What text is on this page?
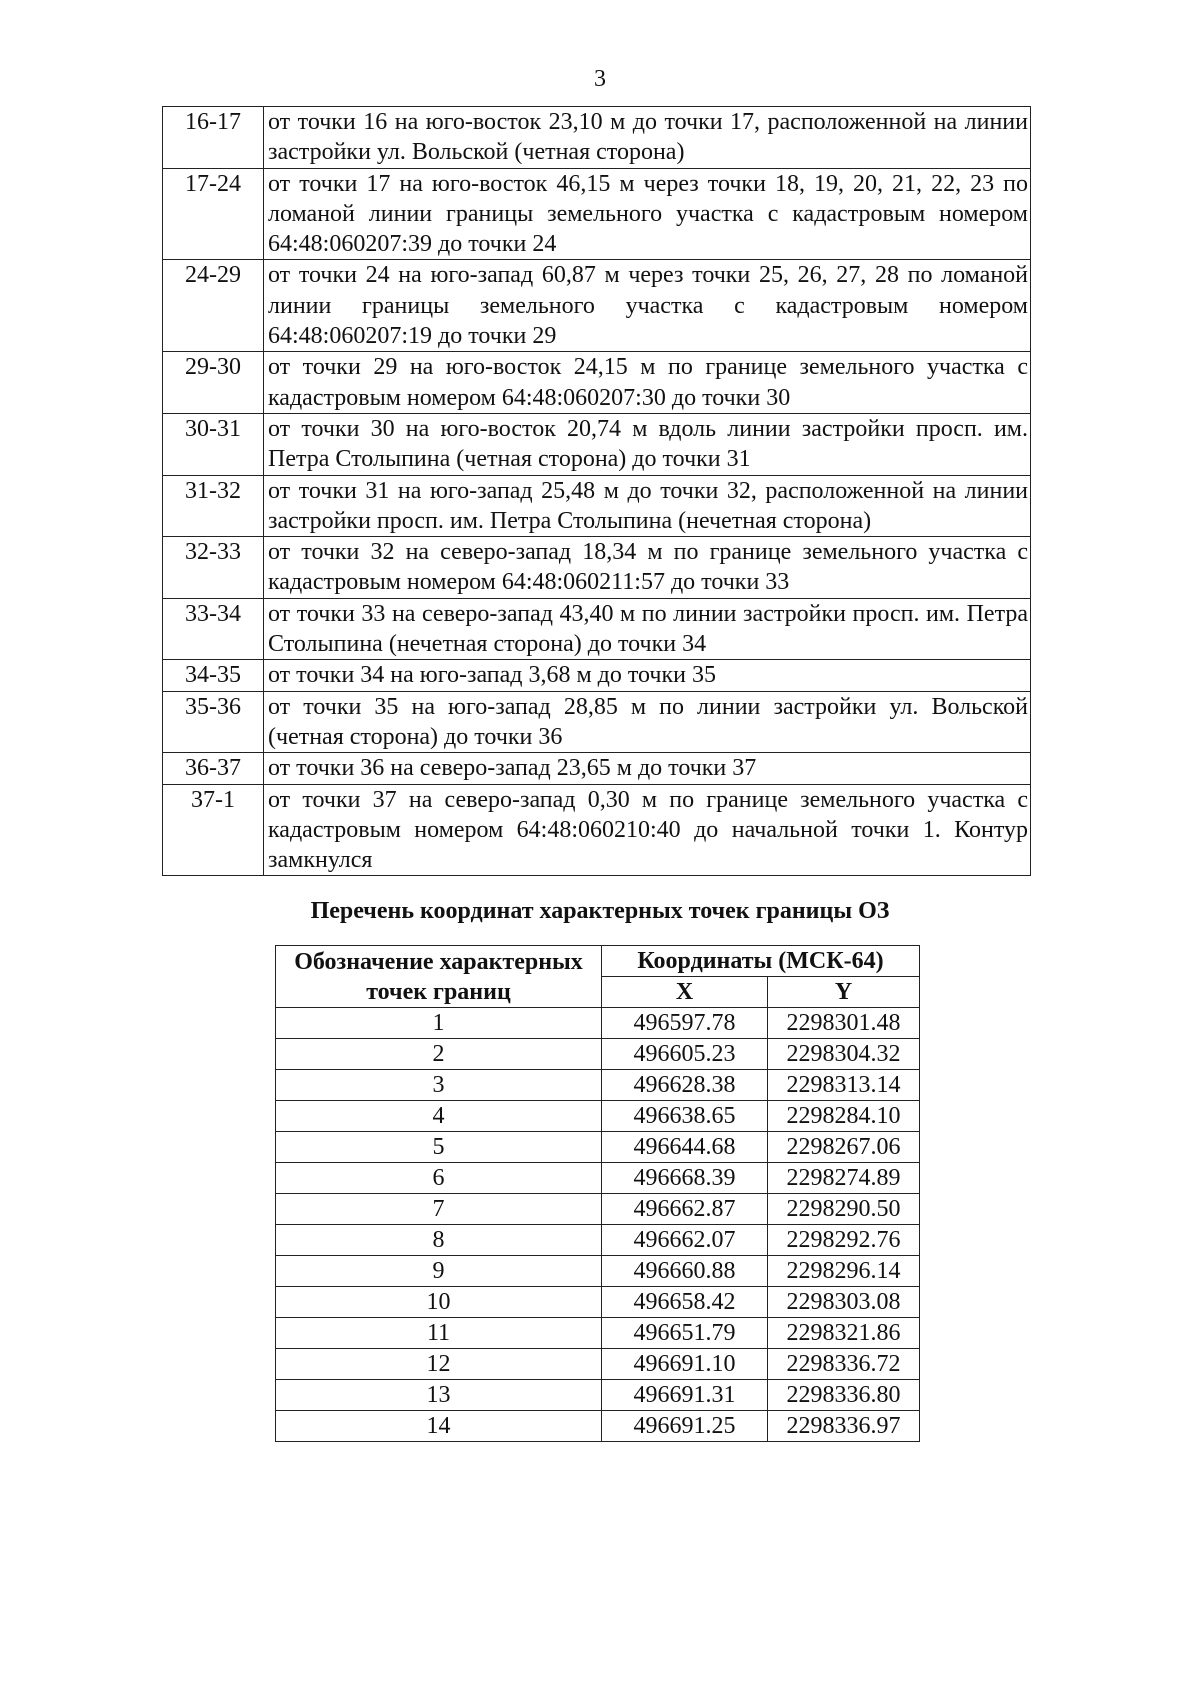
3
16-17	от точки 16 на юго-восток 23,10 м до точки 17, расположенной на линии застройки ул. Вольской (четная сторона)
17-24	от точки 17 на юго-восток 46,15 м через точки 18, 19, 20, 21, 22, 23 по ломаной линии границы земельного участка с кадастровым номером 64:48:060207:39 до точки 24
24-29	от точки 24 на юго-запад 60,87 м через точки 25, 26, 27, 28 по ломаной линии границы земельного участка с кадастровым номером 64:48:060207:19 до точки 29
29-30	от точки 29 на юго-восток 24,15 м по границе земельного участка с кадастровым номером 64:48:060207:30 до точки 30
30-31	от точки 30 на юго-восток 20,74 м вдоль линии застройки просп. им. Петра Столыпина (четная сторона) до точки 31
31-32	от точки 31 на юго-запад 25,48 м до точки 32, расположенной на линии застройки просп. им. Петра Столыпина (нечетная сторона)
32-33	от точки 32 на северо-запад 18,34 м по границе земельного участка с кадастровым номером 64:48:060211:57 до точки 33
33-34	от точки 33 на северо-запад 43,40 м по линии застройки просп. им. Петра Столыпина (нечетная сторона) до точки 34
34-35	от точки 34 на юго-запад 3,68 м до точки 35
35-36	от точки 35 на юго-запад 28,85 м по линии застройки ул. Вольской (четная сторона) до точки 36
36-37	от точки 36 на северо-запад 23,65 м до точки 37
37-1	от точки 37 на северо-запад 0,30 м по границе земельного участка с кадастровым номером 64:48:060210:40 до начальной точки 1. Контур замкнулся
Перечень координат характерных точек границы ОЗ
Обозначение характерных точек границ	Координаты (МСК-64)	
	X	Y
1	496597.78	2298301.48
2	496605.23	2298304.32
3	496628.38	2298313.14
4	496638.65	2298284.10
5	496644.68	2298267.06
6	496668.39	2298274.89
7	496662.87	2298290.50
8	496662.07	2298292.76
9	496660.88	2298296.14
10	496658.42	2298303.08
11	496651.79	2298321.86
12	496691.10	2298336.72
13	496691.31	2298336.80
14	496691.25	2298336.97
